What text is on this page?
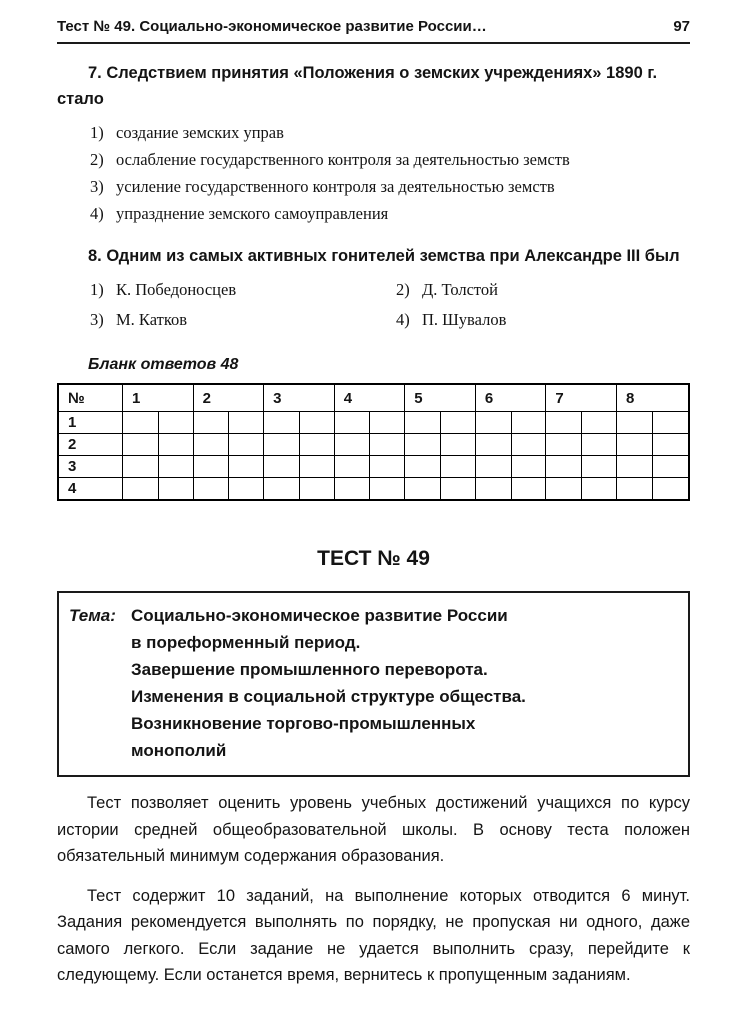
Тест № 49. Социально-экономическое развитие России…	97

7. Следствием принятия «Положения о земских учреждениях» 1890 г. стало

1) создание земских управ
2) ослабление государственного контроля за деятельностью земств
3) усиление государственного контроля за деятельностью земств
4) упразднение земского самоуправления

8. Одним из самых активных гонителей земства при Александре III был

1) К. Победоносцев	2) Д. Толстой
3) М. Катков	4) П. Шувалов
Бланк ответов 48
№	1	2	3	4	5	6	7	8
1								
2								
3								
4								
ТЕСТ № 49
Тема: Социально-экономическое развитие России
в пореформенный период.
Завершение промышленного переворота.
Изменения в социальной структуре общества.
Возникновение торгово-промышленных
монополий

Тест позволяет оценить уровень учебных достижений учащихся по курсу истории средней общеобразовательной школы. В основу теста положен обязательный минимум содержания образования.

Тест содержит 10 заданий, на выполнение которых отводится 6 минут. Задания рекомендуется выполнять по порядку, не пропуская ни одного, даже самого легкого. Если задание не удается выполнить сразу, перейдите к следующему. Если останется время, вернитесь к пропущенным заданиям.
